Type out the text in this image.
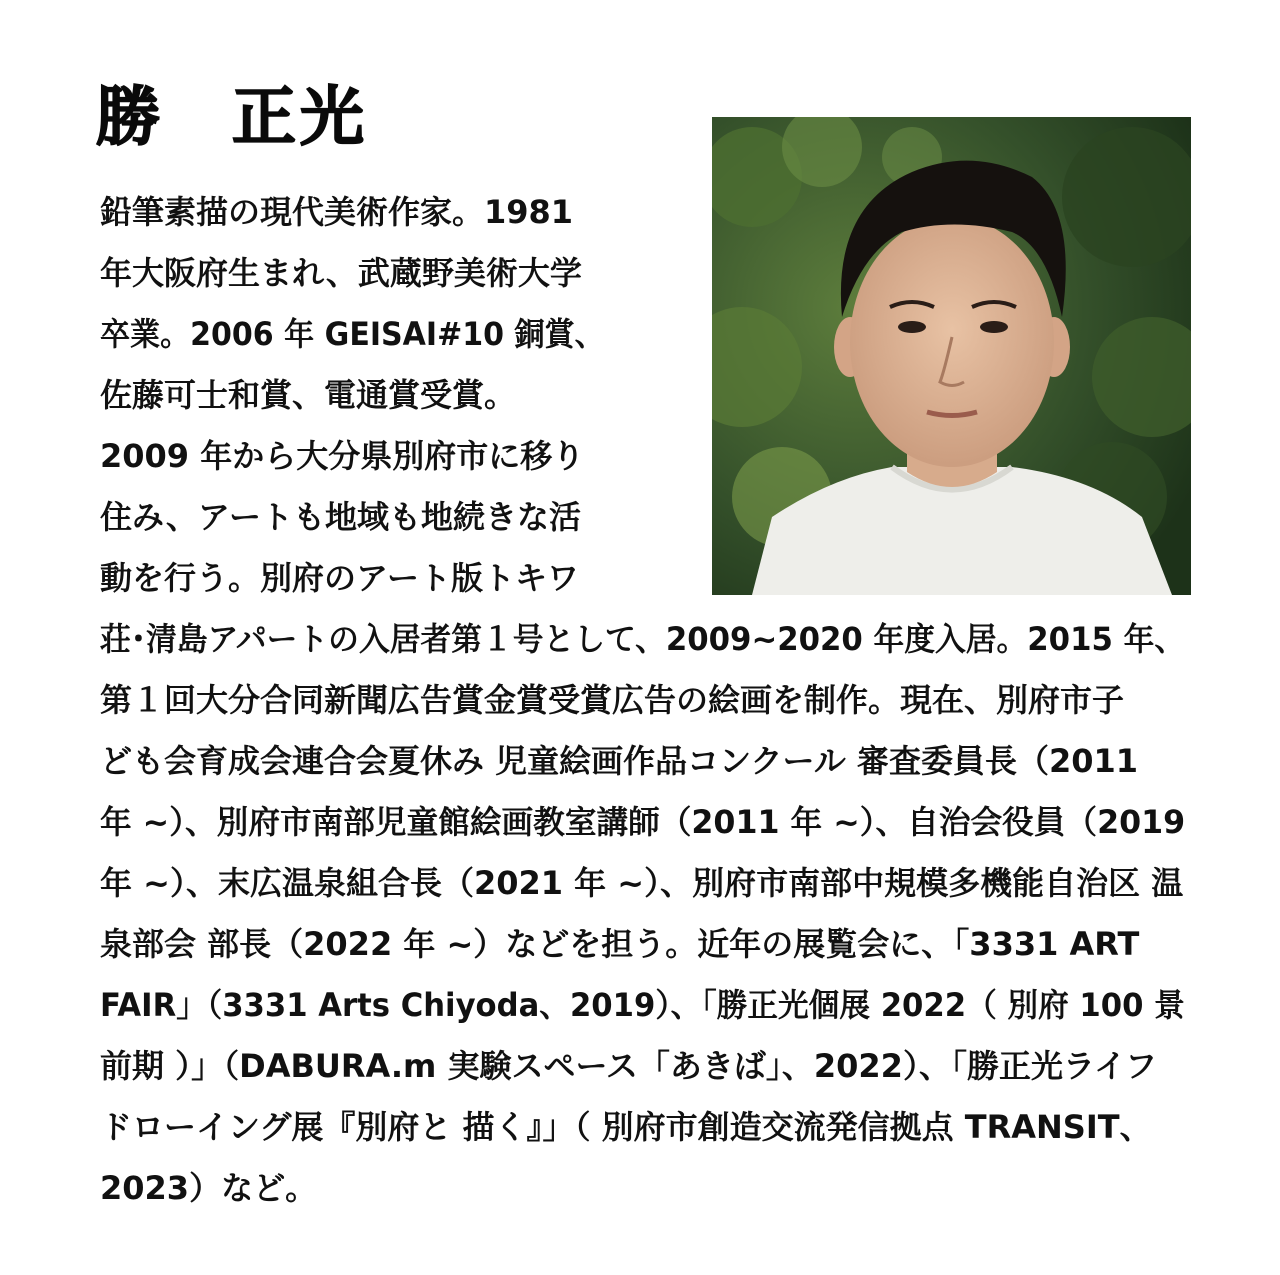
勝　正光
鉛筆素描の現代美術作家。1981
年大阪府生まれ、武蔵野美術大学
卒業。2006 年 GEISAI#10 銅賞、
佐藤可士和賞、電通賞受賞。
2009 年から大分県別府市に移り
住み、アートも地域も地続きな活
動を行う。別府のアート版トキワ
荘･清島アパートの入居者第１号として、2009~2020 年度入居。2015 年、
第１回大分合同新聞広告賞金賞受賞広告の絵画を制作。現在、別府市子
ども会育成会連合会夏休み 児童絵画作品コンクール 審査委員長（2011
年 ~）、別府市南部児童館絵画教室講師（2011 年 ~）、自治会役員（2019
年 ~）、末広温泉組合長（2021 年 ~）、別府市南部中規模多機能自治区 温
泉部会 部長（2022 年 ~）などを担う。近年の展覧会に、「3331 ART
FAIR」（3331 Arts Chiyoda、2019）、「勝正光個展 2022（ 別府 100 景
前期 ）」（DABURA.m 実験スペース「あきば」、2022）、「勝正光ライフ
ドローイング展『別府と 描く』」（ 別府市創造交流発信拠点 TRANSIT、
2023）など。
